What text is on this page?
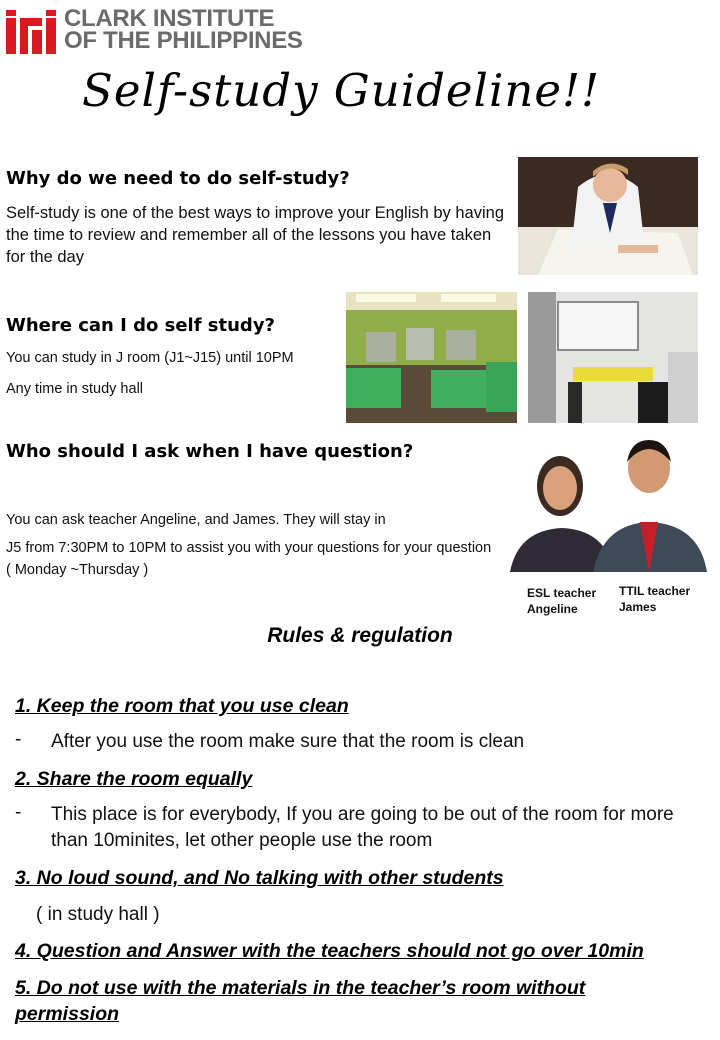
CLARK INSTITUTE
OF THE PHILIPPINES
Self-study Guideline!!
Why do we need to do self-study?
Self-study is one of the best ways to improve your English by having the time to review and remember all of the lessons you have taken for the day
Where can I do self study?
You can study in J room (J1~J15) until 10PM
Any time in study hall
Who should I ask when I have question?
You can ask teacher Angeline, and James. They will stay in
J5 from 7:30PM to 10PM to assist you with your questions for your question ( Monday ~Thursday )
ESL teacher
Angeline
TTIL teacher
James
Rules & regulation
1. Keep the room that you use clean
- After you use the room make sure that the room is clean
2. Share the room equally
- This place is for everybody, If you are going to be out of the room for more than 10minites, let other people use the room
3. No loud sound, and No talking with other students
( in study hall )
4. Question and Answer with the teachers should not go over 10min
5. Do not use with the materials in the teacher’s room without permission
